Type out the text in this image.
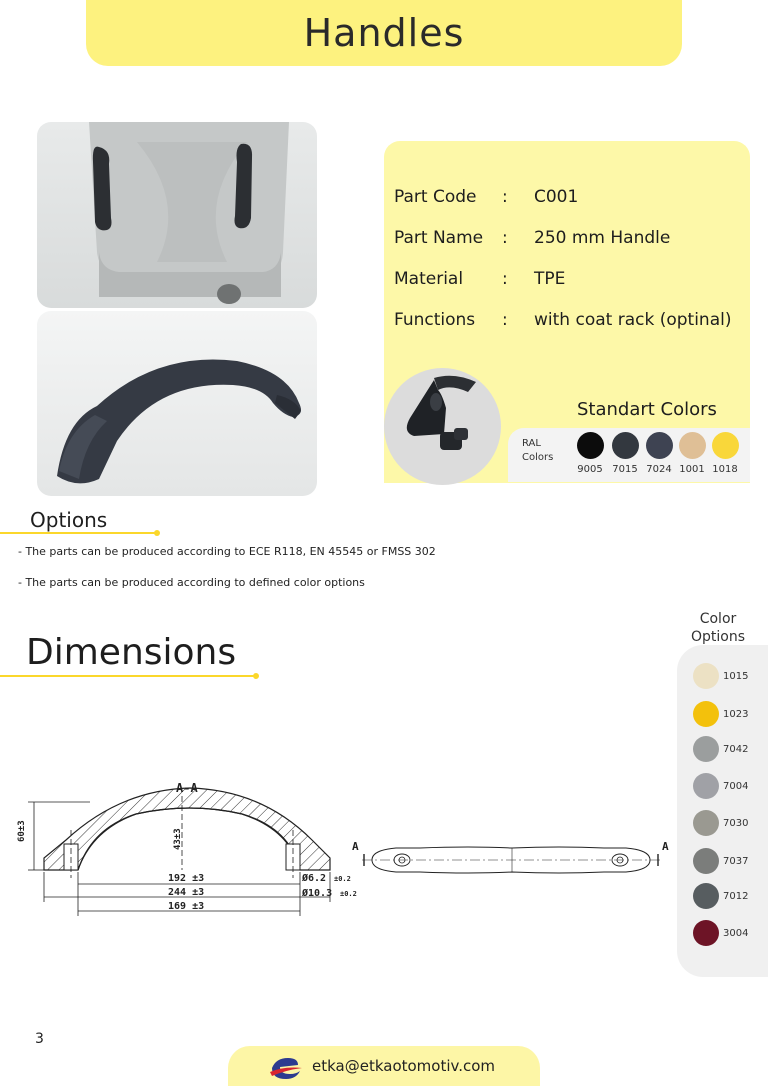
Handles
Part Code : C001
Part Name : 250 mm Handle
Material : TPE
Functions : with coat rack (optinal)
Standart Colors
RAL
Colors
9005 7015 7024 1001 1018
Options
- The parts can be produced according to ECE R118, EN 45545 or FMSS 302
- The parts can be produced according to defined color options
Dimensions
Color
Options
1015
1023
7042
7004
7030
7037
7012
3004
A-A
60±3	43±3
192 ±3
244 ±3
169 ±3
Ø6.2 ±0.2
Ø10.3 ±0.2
A	A
3
etka@etkaotomotiv.com
